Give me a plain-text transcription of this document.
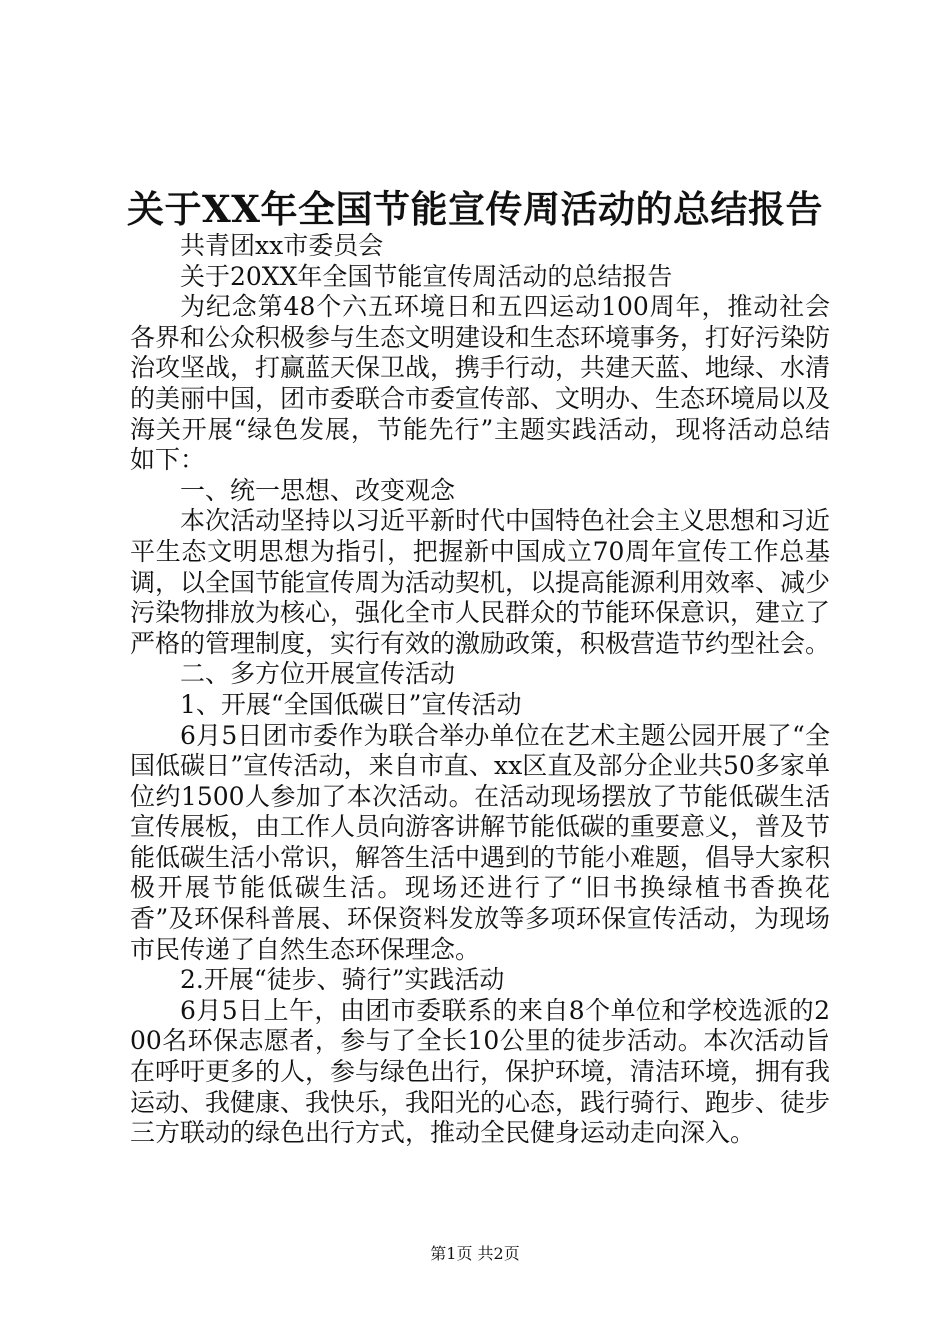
关于XX年全国节能宣传周活动的总结报告

共青团xx市委员会

关于20XX年全国节能宣传周活动的总结报告

为纪念第48个六五环境日和五四运动100周年，推动社会各界和公众积极参与生态文明建设和生态环境事务，打好污染防治攻坚战，打赢蓝天保卫战，携手行动，共建天蓝、地绿、水清的美丽中国，团市委联合市委宣传部、文明办、生态环境局以及海关开展“绿色发展，节能先行”主题实践活动，现将活动总结如下：

一、统一思想、改变观念

本次活动坚持以习近平新时代中国特色社会主义思想和习近平生态文明思想为指引，把握新中国成立70周年宣传工作总基调，以全国节能宣传周为活动契机，以提高能源利用效率、减少污染物排放为核心，强化全市人民群众的节能环保意识，建立了严格的管理制度，实行有效的激励政策，积极营造节约型社会。

二、多方位开展宣传活动

1、开展“全国低碳日”宣传活动

6月5日团市委作为联合举办单位在艺术主题公园开展了“全国低碳日”宣传活动，来自市直、xx区直及部分企业共50多家单位约1500人参加了本次活动。在活动现场摆放了节能低碳生活宣传展板，由工作人员向游客讲解节能低碳的重要意义，普及节能低碳生活小常识，解答生活中遇到的节能小难题，倡导大家积极开展节能低碳生活。现场还进行了“旧书换绿植书香换花香”及环保科普展、环保资料发放等多项环保宣传活动，为现场市民传递了自然生态环保理念。

2.开展“徒步、骑行”实践活动

6月5日上午，由团市委联系的来自8个单位和学校选派的200名环保志愿者，参与了全长10公里的徒步活动。本次活动旨在呼吁更多的人，参与绿色出行，保护环境，清洁环境，拥有我运动、我健康、我快乐，我阳光的心态，践行骑行、跑步、徒步三方联动的绿色出行方式，推动全民健身运动走向深入。

第1页 共2页
